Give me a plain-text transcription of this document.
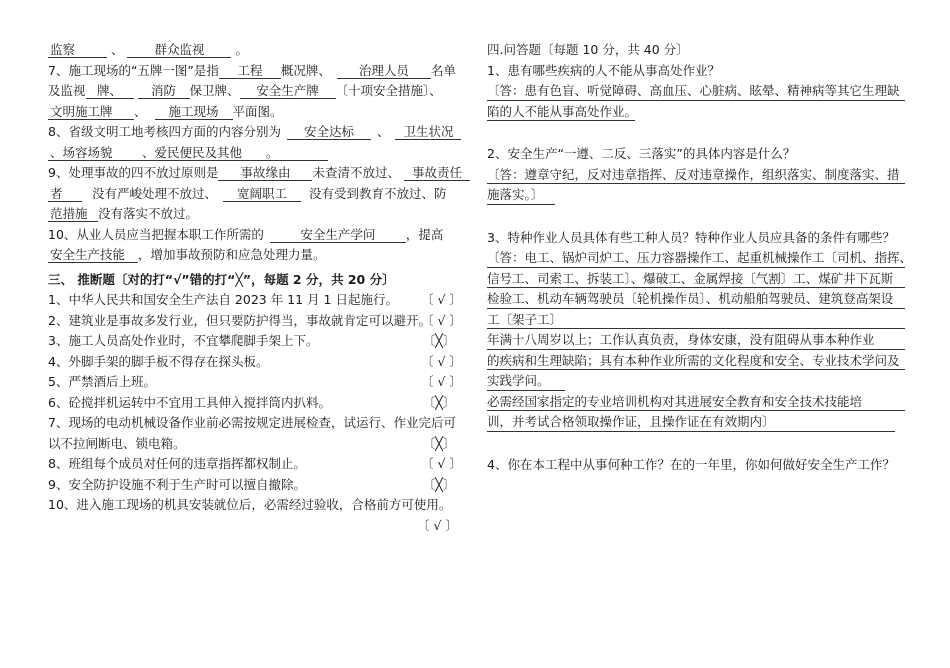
监察	、 群众监视 。
7、施工现场的“五牌一图”是指 工程 概况牌、 治理人员 名单
及监视 牌、 消防 保卫牌、 安全生产牌 〔十项安全措施〕、
文明施工牌 、 施工现场 平面图。
8、省级文明工地考核四方面的内容分别为 安全达标 、 卫生状况
、场容场貌 、爱民便民及其他 。
9、处理事故的四不放过原则是 事故缘由 未查清不放过、 事故责任
者 没有严峻处理不放过、 宽阔职工 没有受到教育不放过、防
范措施 没有落实不放过。
10、从业人员应当把握本职工作所需的	安全生产学问 ，提高
安全生产技能 ，增加事故预防和应急处理力量。
三、 推断题〔对的打“√”错的打“╳”，每题 2 分，共 20 分〕
1、中华人民共和国安全生产法自 2023 年 11 月 1 日起施行。 〔 √ 〕
2、建筑业是事故多发行业，但只要防护得当，事故就肯定可以避开。
〔 √ 〕
3、施工人员高处作业时，不宜攀爬脚手架上下。	〔╳〕
4、外脚手架的脚手板不得存在探头板。	〔 √ 〕
5、严禁酒后上班。	〔 √ 〕
6、砼搅拌机运转中不宜用工具伸入搅拌筒内扒料。	〔╳〕
7、现场的电动机械设备作业前必需按规定进展检查，试运行、作业完后可
以不拉闸断电、锁电箱。	〔╳〕
8、班组每个成员对任何的违章指挥都权制止。	〔 √ 〕
9、安全防护设施不利于生产时可以擅自撤除。	〔╳〕
10、进入施工现场的机具安装就位后，必需经过验收，合格前方可使用。
〔 √ 〕
四.问答题〔每题 10 分，共 40 分〕
1、患有哪些疾病的人不能从事高处作业？
〔答：患有色盲、听觉障碍、高血压、心脏病、眩晕、精神病等其它生理缺
陷的人不能从事高处作业。
2、安全生产“一遵、二反、三落实”的具体内容是什么？
〔答：遵章守纪，反对违章指挥、反对违章操作，组织落实、制度落实、措
施落实。〕
3、特种作业人员具体有些工种人员？特种作业人员应具备的条件有哪些？
〔答：电工、锅炉司炉工、压力容器操作工、起重机械操作工〔司机、指挥、
信号工、司索工、拆装工〕、爆破工、金属焊接〔气割〕工、煤矿井下瓦斯
检验工、机动车辆驾驶员〔轮机操作员〕、机动船舶驾驶员、建筑登高架设
工〔架子工〕
年满十八周岁以上；工作认真负责，身体安康，没有阻碍从事本种作业
的疾病和生理缺陷；具有本种作业所需的文化程度和安全、专业技术学问及
实践学问。
必需经国家指定的专业培训机构对其进展安全教育和安全技术技能培
训，并考试合格领取操作证，且操作证在有效期内〕
4、你在本工程中从事何种工作？在的一年里，你如何做好安全生产工作？
